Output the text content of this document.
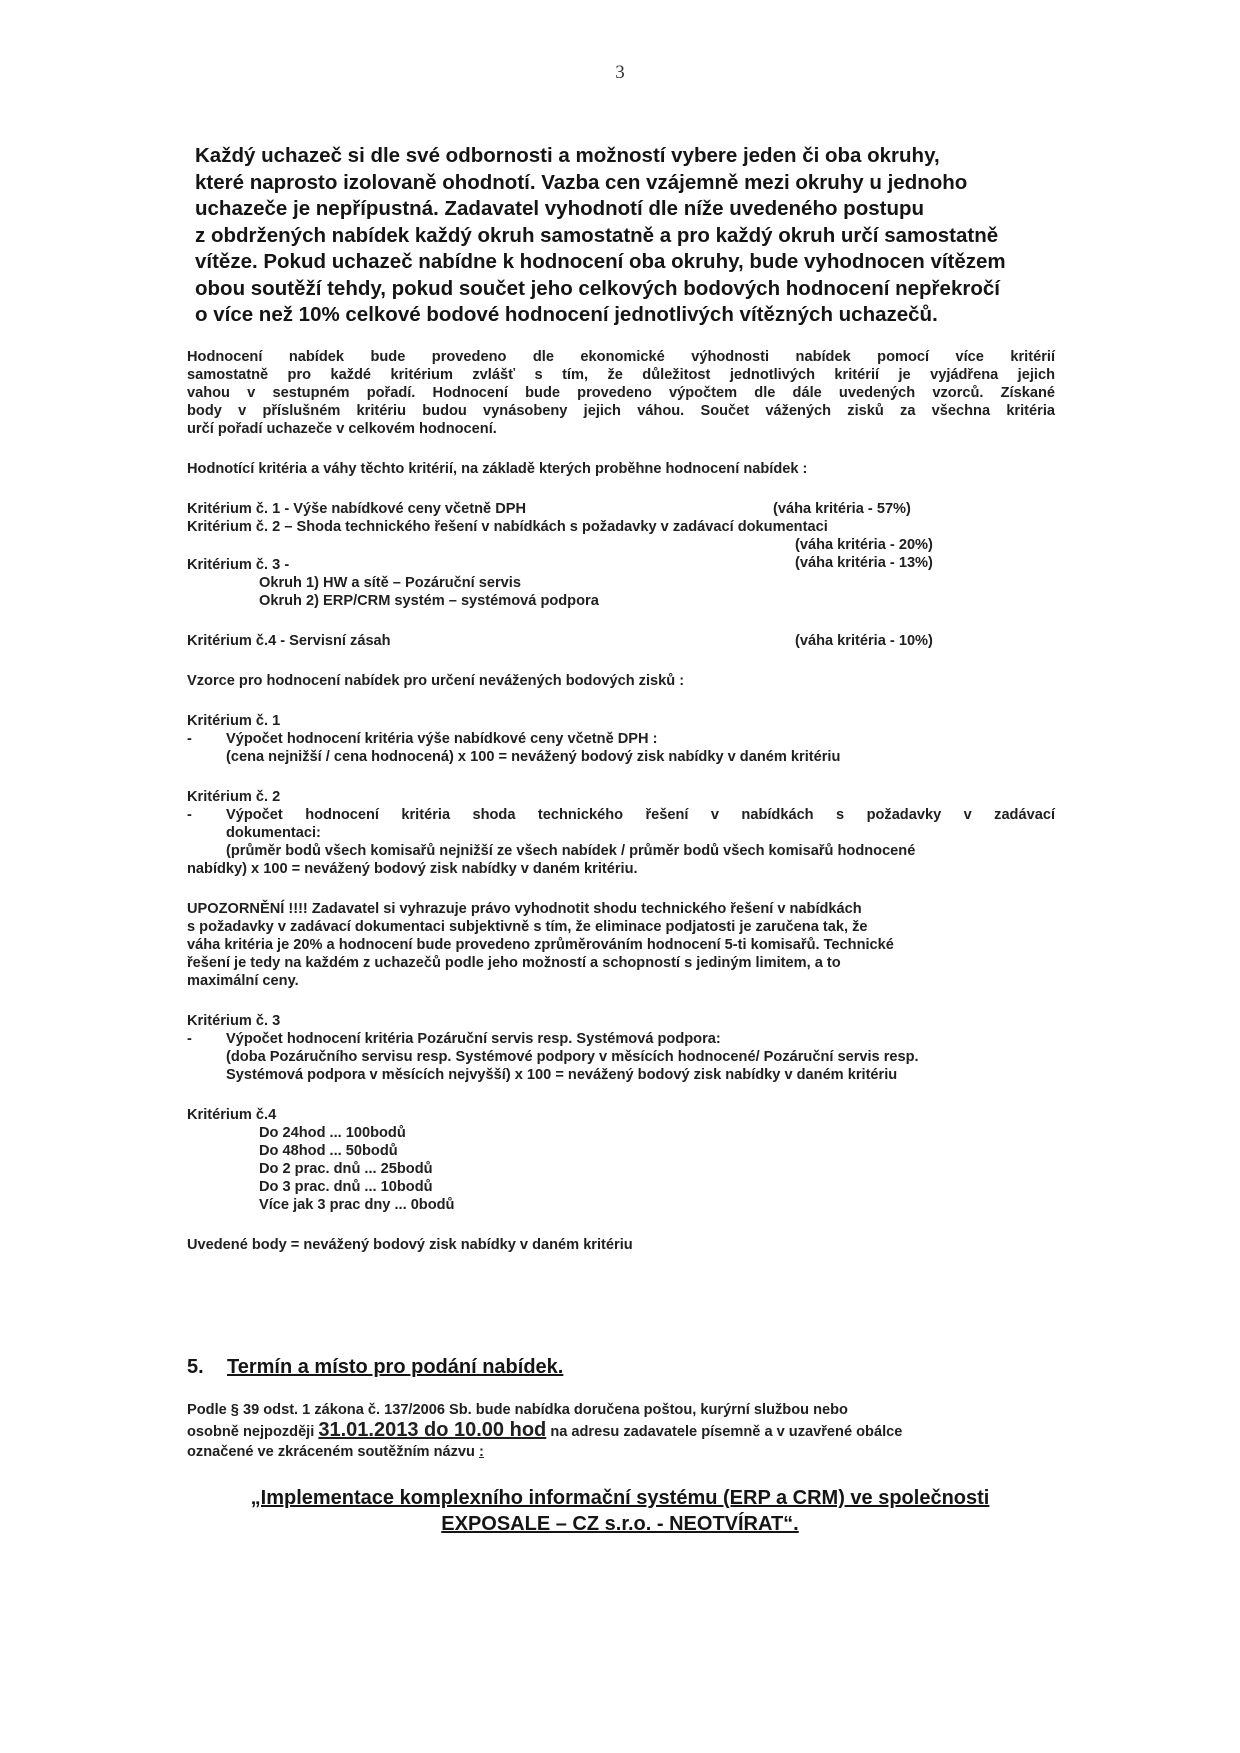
3
Každý uchazeč si dle své odbornosti a možností vybere jeden či oba okruhy,
které naprosto izolovaně ohodnotí. Vazba cen vzájemně mezi okruhy u jednoho
uchazeče je nepřípustná. Zadavatel vyhodnotí dle níže uvedeného postupu
z obdržených nabídek každý okruh samostatně a pro každý okruh určí samostatně
vítěze. Pokud uchazeč nabídne k hodnocení oba okruhy, bude vyhodnocen vítězem
obou soutěží tehdy, pokud součet jeho celkových bodových hodnocení nepřekročí
o více než 10% celkové bodové hodnocení jednotlivých vítězných uchazečů.
Hodnocení nabídek bude provedeno dle ekonomické výhodnosti nabídek pomocí více kritérií
samostatně pro každé kritérium zvlášť s tím, že důležitost jednotlivých kritérií je vyjádřena jejich
vahou v sestupném pořadí. Hodnocení bude provedeno výpočtem dle dále uvedených vzorců. Získané
body v příslušném kritériu budou vynásobeny jejich váhou. Součet vážených zisků za všechna kritéria
určí pořadí uchazeče v celkovém hodnocení.
Hodnotící kritéria a váhy těchto kritérií, na základě kterých proběhne hodnocení nabídek :
Kritérium č. 1 - Výše nabídkové ceny včetně DPH	(váha kritéria - 57%)
Kritérium č. 2 – Shoda technického řešení v nabídkách s požadavky v zadávací dokumentaci
(váha kritéria - 20%)
Kritérium č. 3 -	(váha kritéria - 13%)
Okruh 1) HW a sítě – Pozáruční servis
Okruh 2) ERP/CRM systém – systémová podpora
Kritérium č.4 - Servisní zásah	(váha kritéria - 10%)
Vzorce pro hodnocení nabídek pro určení nevážených bodových zisků :
Kritérium č. 1
- Výpočet hodnocení kritéria výše nabídkové ceny včetně DPH :
(cena nejnižší / cena hodnocená) x 100 = nevážený bodový zisk nabídky v daném kritériu
Kritérium č. 2
- Výpočet hodnocení kritéria shoda technického řešení v nabídkách s požadavky v zadávací
dokumentaci:
(průměr bodů všech komisařů nejnižší ze všech nabídek / průměr bodů všech komisařů hodnocené
nabídky) x 100 = nevážený bodový zisk nabídky v daném kritériu.
UPOZORNĚNÍ !!!! Zadavatel si vyhrazuje právo vyhodnotit shodu technického řešení v nabídkách
s požadavky v zadávací dokumentaci subjektivně s tím, že eliminace podjatosti je zaručena tak, že
váha kritéria je 20% a hodnocení bude provedeno zprůměrováním hodnocení 5-ti komisařů. Technické
řešení je tedy na každém z uchazečů podle jeho možností a schopností s jediným limitem, a to
maximální ceny.
Kritérium č. 3
- Výpočet hodnocení kritéria Pozáruční servis resp. Systémová podpora:
(doba Pozáručního servisu resp. Systémové podpory v měsících hodnocené/ Pozáruční servis resp.
Systémová podpora v měsících nejvyšší) x 100 = nevážený bodový zisk nabídky v daném kritériu
Kritérium č.4
Do 24hod ... 100bodů
Do 48hod ... 50bodů
Do 2 prac. dnů ... 25bodů
Do 3 prac. dnů ... 10bodů
Více jak 3 prac dny ... 0bodů
Uvedené body = nevážený bodový zisk nabídky v daném kritériu
5. Termín a místo pro podání nabídek.
Podle § 39 odst. 1 zákona č. 137/2006 Sb. bude nabídka doručena poštou, kurýrní službou nebo
osobně nejpozději 31.01.2013 do 10.00 hod na adresu zadavatele písemně a v uzavřené obálce
označené ve zkráceném soutěžním názvu :
„Implementace komplexního informační systému (ERP a CRM) ve společnosti
EXPOSALE – CZ s.r.o. - NEOTVÍRAT“.
